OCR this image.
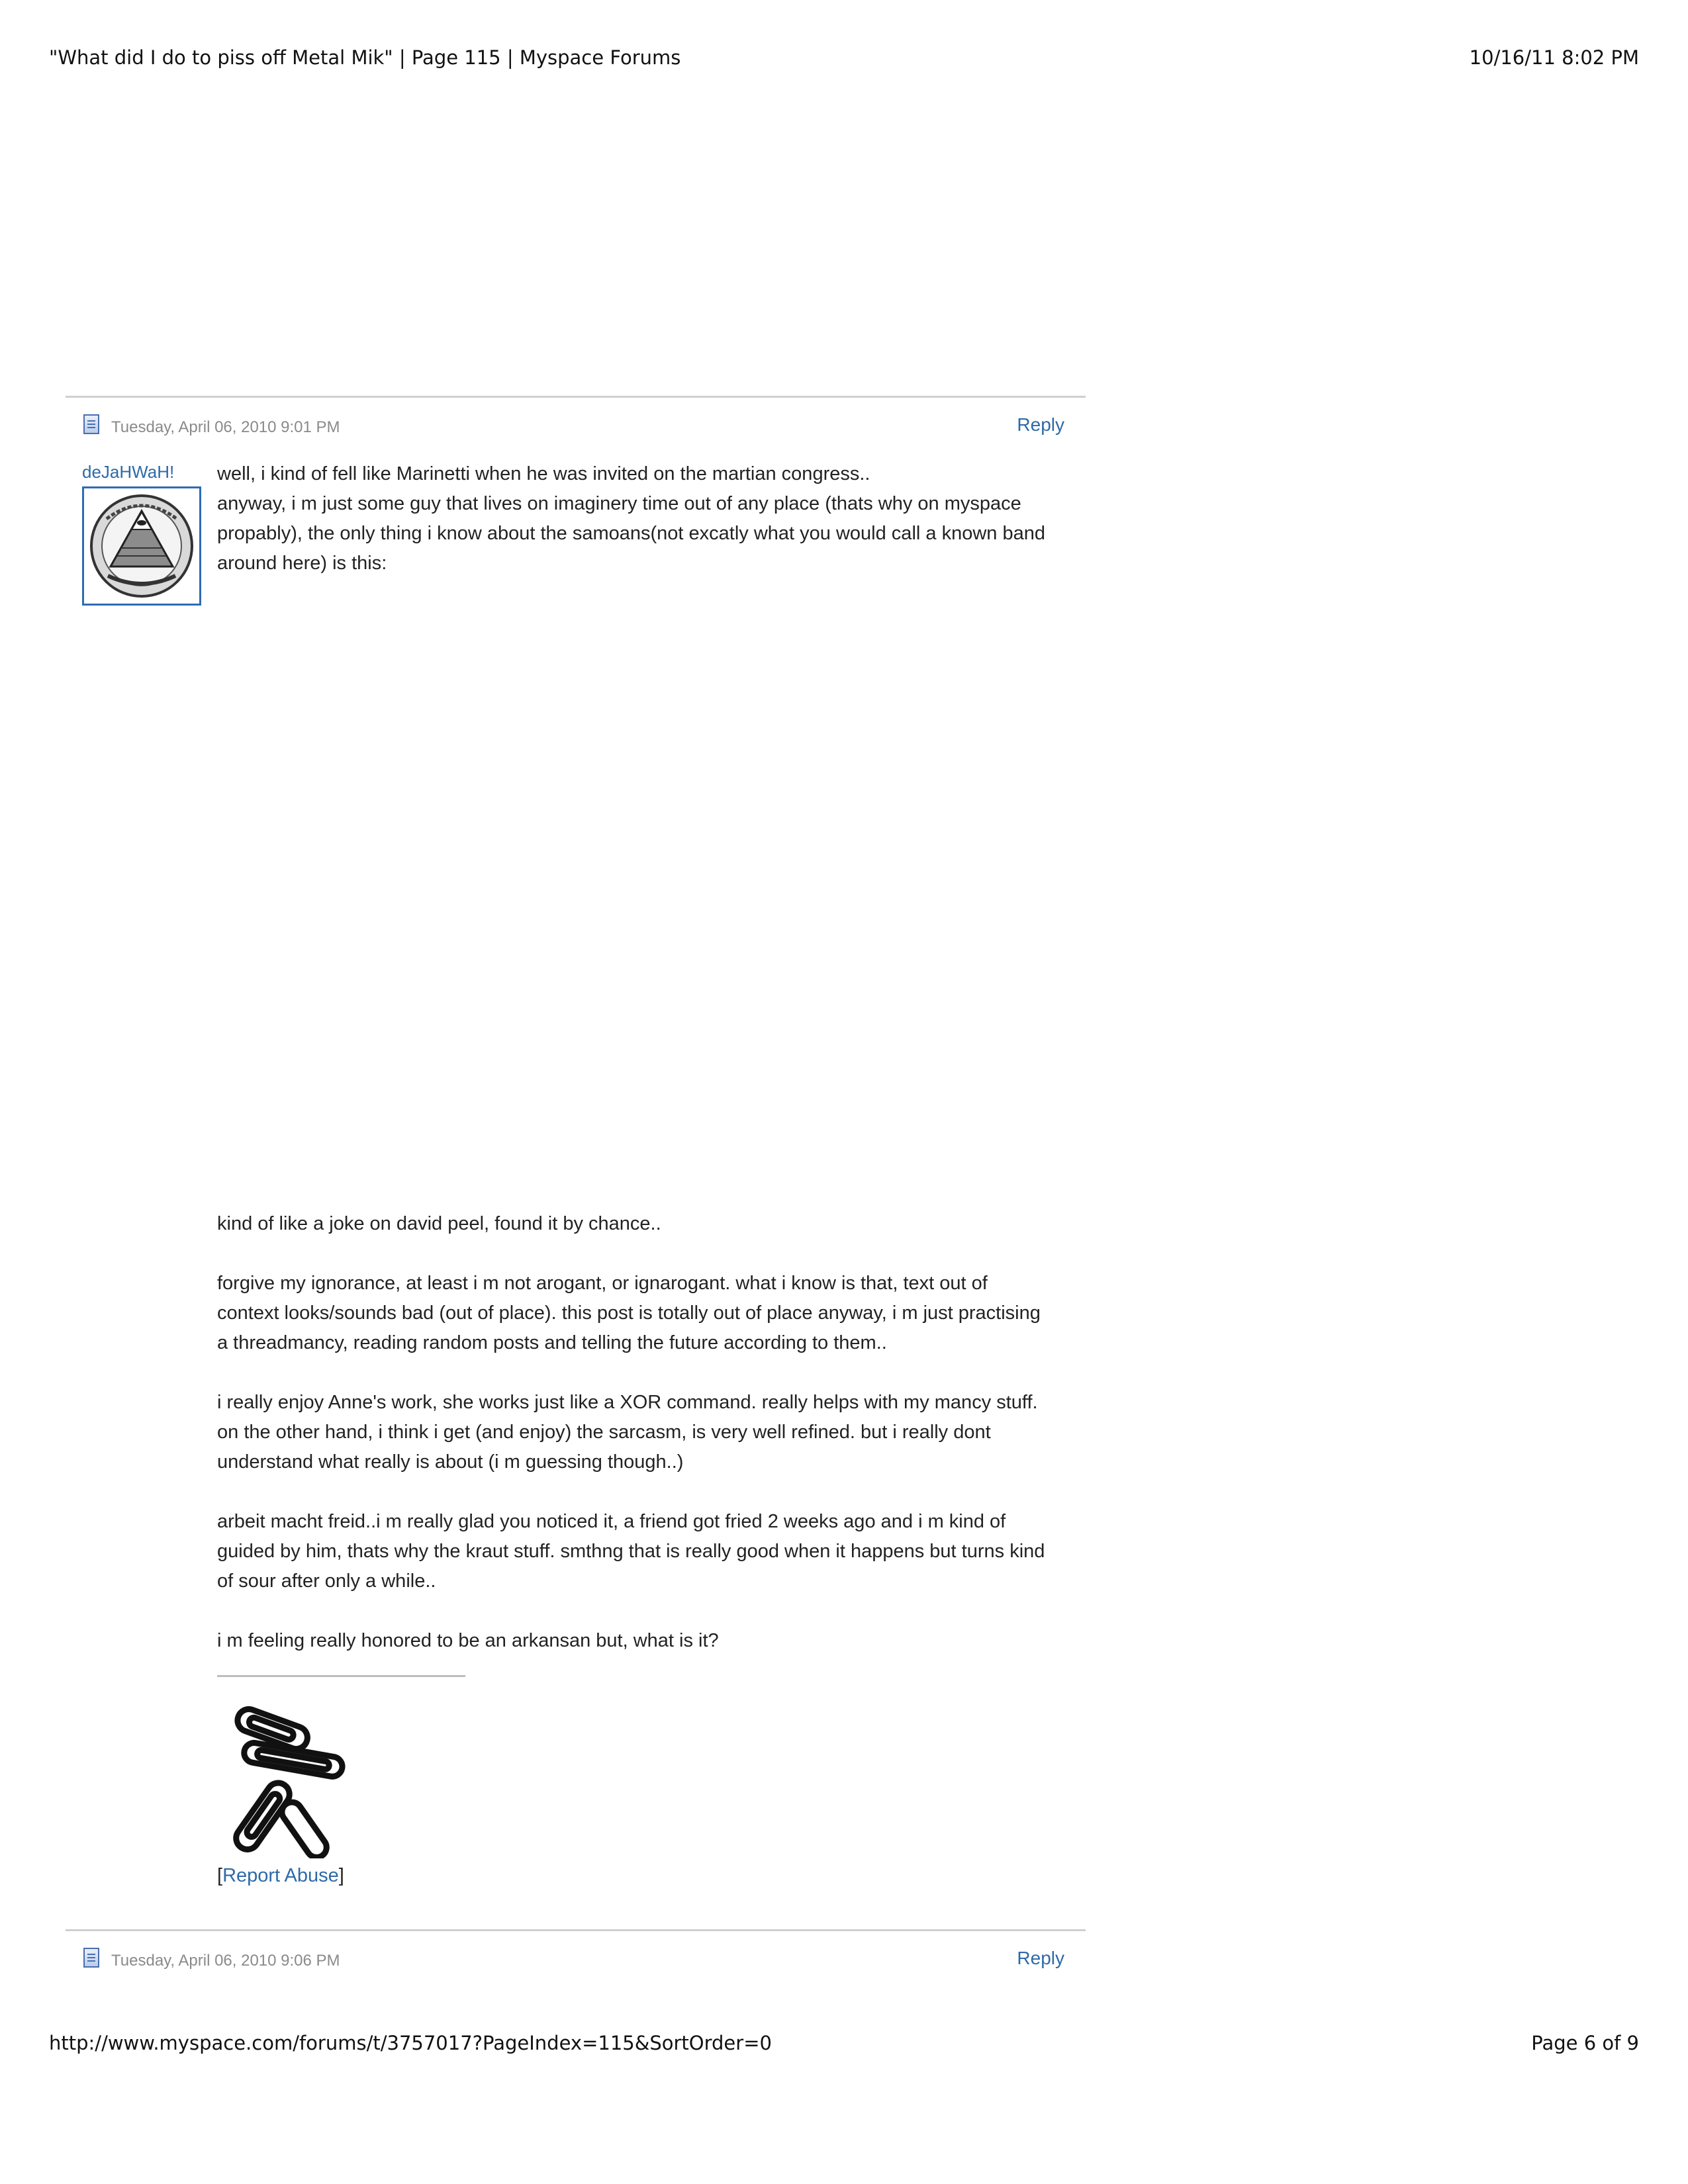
"What did I do to piss off Metal Mik" | Page 115 | Myspace Forums	10/16/11 8:02 PM
Tuesday, April 06, 2010 9:01 PM	Reply
deJaHWaH! well, i kind of fell like Marinetti when he was invited on the martian congress..

anyway, i m just some guy that lives on imaginery time out of any place (thats why on myspace

propably), the only thing i know about the samoans(not excatly what you would call a known band

around here) is this:

kind of like a joke on david peel, found it by chance..

forgive my ignorance, at least i m not arogant, or ignarogant. what i know is that, text out of

context looks/sounds bad (out of place). this post is totally out of place anyway, i m just practising

a threadmancy, reading random posts and telling the future according to them..

i really enjoy Anne's work, she works just like a XOR command. really helps with my mancy stuff.

on the other hand, i think i get (and enjoy) the sarcasm, is very well refined. but i really dont

understand what really is about (i m guessing though..)

arbeit macht freid..i m really glad you noticed it, a friend got fried 2 weeks ago and i m kind of

guided by him, thats why the kraut stuff. smthng that is really good when it happens but turns kind

of sour after only a while..

i m feeling really honored to be an arkansan but, what is it?

[Report Abuse]
Tuesday, April 06, 2010 9:06 PM	Reply
http://www.myspace.com/forums/t/3757017?PageIndex=115&SortOrder=0	Page 6 of 9
